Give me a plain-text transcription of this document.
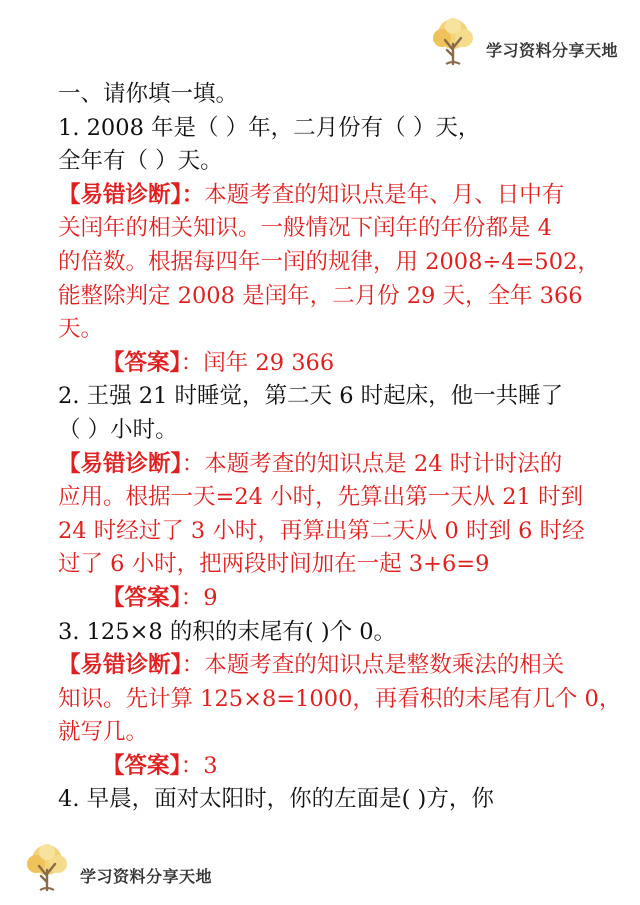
学习资料分享天地
一、请你填一填。
1. 2008 年是（ ）年，二月份有（ ）天，
全年有（ ）天。
【易错诊断】：本题考查的知识点是年、月、日中有
关闰年的相关知识。一般情况下闰年的年份都是 4
的倍数。根据每四年一闰的规律，用 2008÷4=502，
能整除判定 2008 是闰年，二月份 29 天，全年 366
天。
【答案】：闰年 29 366
2. 王强 21 时睡觉，第二天 6 时起床，他一共睡了
（ ）小时。
【易错诊断】：本题考查的知识点是 24 时计时法的
应用。根据一天=24 小时，先算出第一天从 21 时到
24 时经过了 3 小时，再算出第二天从 0 时到 6 时经
过了 6 小时，把两段时间加在一起 3+6=9
【答案】：9
3. 125×8 的积的末尾有( )个 0。
【易错诊断】：本题考查的知识点是整数乘法的相关
知识。先计算 125×8=1000，再看积的末尾有几个 0，
就写几。
【答案】：3
4. 早晨，面对太阳时，你的左面是( )方，你
学习资料分享天地
